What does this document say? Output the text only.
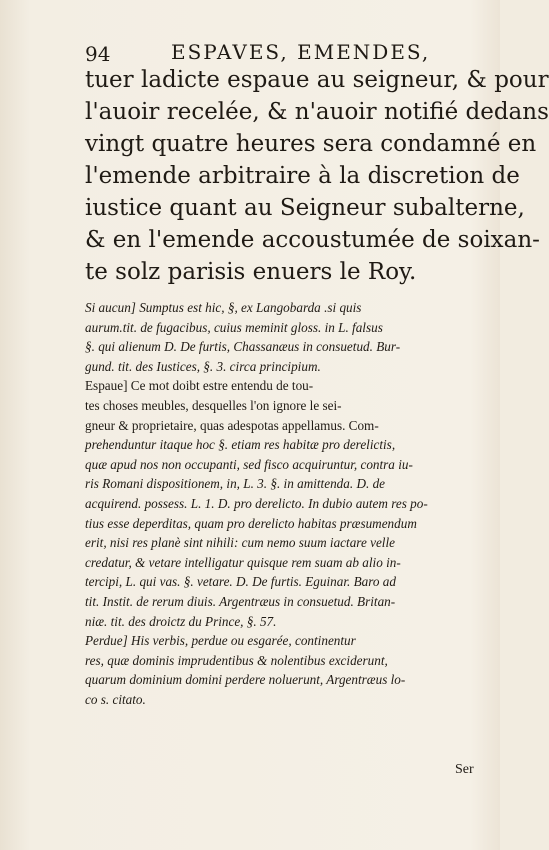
94	ESPAVES, EMENDES,
tuer ladicte espaue au seigneur, & pour
l'auoir recelée, & n'auoir notifié dedans
vingt quatre heures sera condamné en
l'emende arbitraire à la discretion de
iustice quant au Seigneur subalterne,
& en l'emende accoustumée de soixan-
te solz parisis enuers le Roy.
Si aucun] Sumptus est hic, §, ex Langobarda .si quis
aurum.tit. de fugacibus, cuius meminit gloss. in L. falsus
§. qui alienum D. De furtis, Chassanæus in consuetud. Bur-
gund. tit. des Iustices, §. 3. circa principium.
Espaue] Ce mot doibt estre entendu de tou-
tes choses meubles, desquelles l'on ignore le sei-
gneur & proprietaire, quas adespotas appellamus. Com-
prehenduntur itaque hoc §. etiam res habitæ pro derelictis,
quæ apud nos non occupanti, sed fisco acquiruntur, contra iu-
ris Romani dispositionem, in, L. 3. §. in amittenda. D. de
acquirend. possess. L. 1. D. pro derelicto. In dubio autem res po-
tius esse deperditas, quam pro derelicto habitas præsumendum
erit, nisi res planè sint nihili: cum nemo suum iactare velle
credatur, & vetare intelligatur quisque rem suam ab alio in-
tercipi, L. qui vas. §. vetare. D. De furtis. Eguinar. Baro ad
tit. Instit. de rerum diuis. Argentræus in consuetud. Britan-
niæ. tit. des droictz du Prince, §. 57.
Perdue] His verbis, perdue ou esgarée, continentur
res, quæ dominis imprudentibus & nolentibus exciderunt,
quarum dominium domini perdere noluerunt, Argentræus lo-
co s. citato.
Ser
